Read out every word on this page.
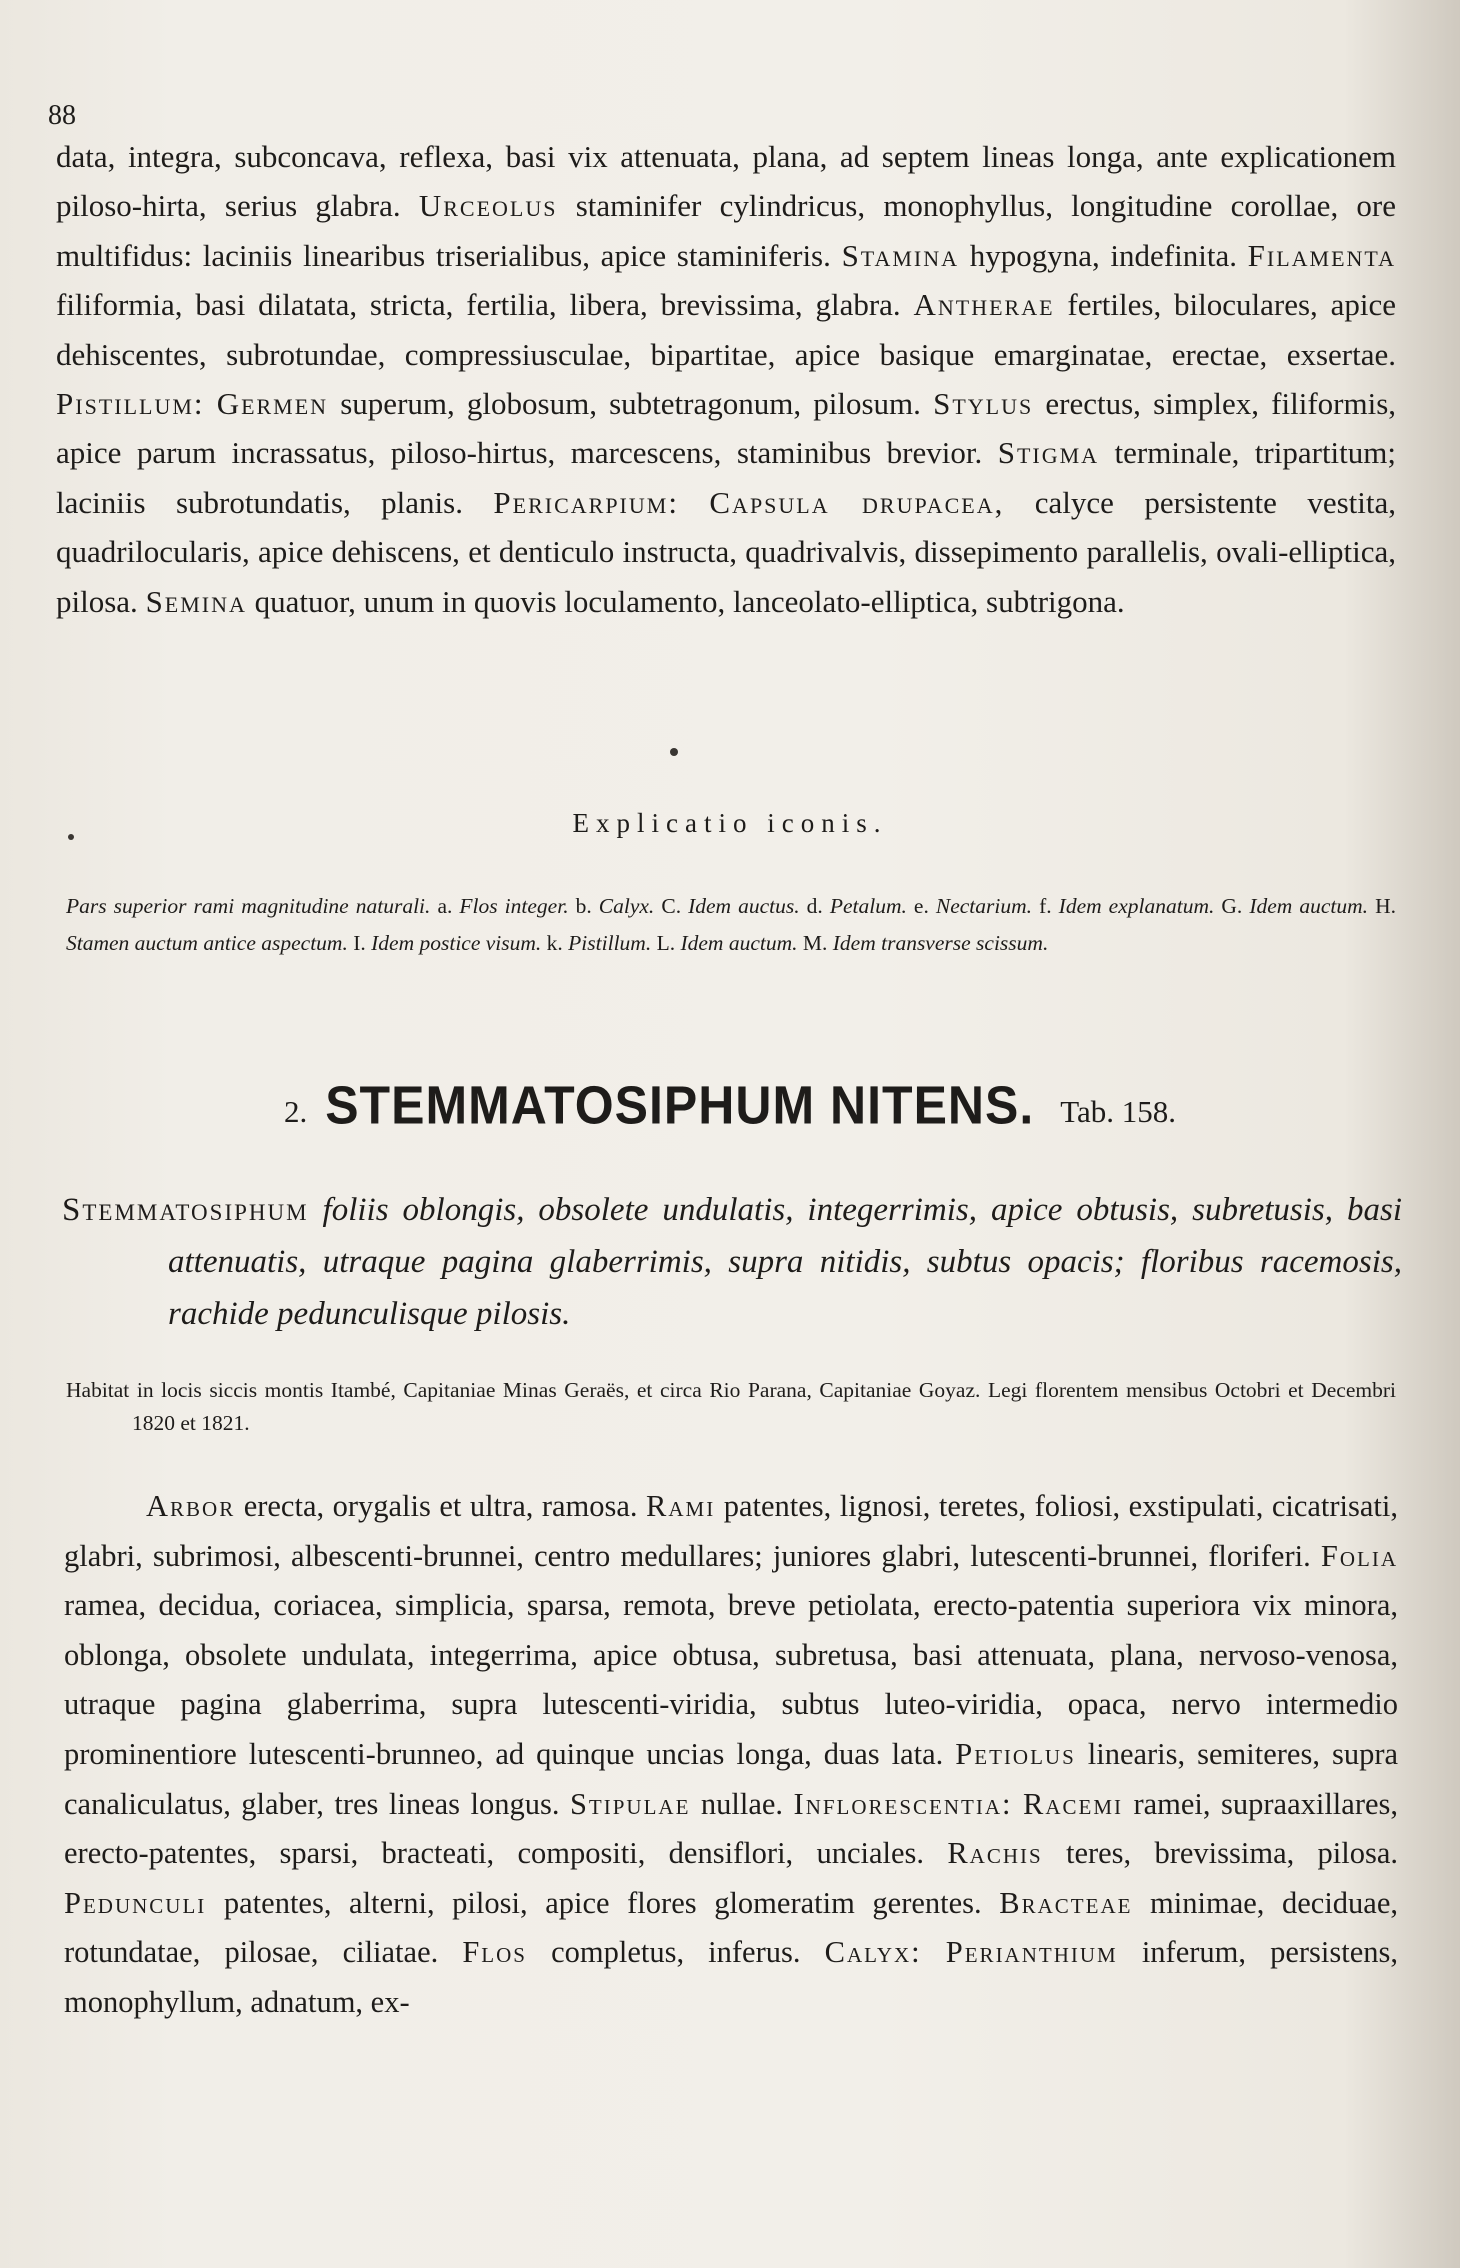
88
data, integra, subconcava, reflexa, basi vix attenuata, plana, ad septem lineas longa, ante explicationem piloso-hirta, serius glabra. Urceolus staminifer cylindricus, monophyllus, longitudine corollae, ore multifidus: laciniis linearibus triserialibus, apice staminiferis. Stamina hypogyna, indefinita. Filamenta filiformia, basi dilatata, stricta, fertilia, libera, brevissima, glabra. Antherae fertiles, biloculares, apice dehiscentes, subrotundae, compressiusculae, bipartitae, apice basique emarginatae, erectae, exsertae. Pistillum: Germen superum, globosum, subtetragonum, pilosum. Stylus erectus, simplex, filiformis, apice parum incrassatus, piloso-hirtus, marcescens, staminibus brevior. Stigma terminale, tripartitum; laciniis subrotundatis, planis. Pericarpium: Capsula drupacea, calyce persistente vestita, quadrilocularis, apice dehiscens, et denticulo instructa, quadrivalvis, dissepimento parallelis, ovali-elliptica, pilosa. Semina quatuor, unum in quovis loculamento, lanceolato-elliptica, subtrigona.
Explicatio iconis.
Pars superior rami magnitudine naturali. a. Flos integer. b. Calyx. C. Idem auctus. d. Petalum. e. Nectarium. f. Idem explanatum. G. Idem auctum. H. Stamen auctum antice aspectum. I. Idem postice visum. k. Pistillum. L. Idem auctum. M. Idem transverse scissum.
2. STEMMATOSIPHUM NITENS. Tab. 158.

Stemmatosiphum foliis oblongis, obsolete undulatis, integerrimis, apice obtusis, subretusis, basi attenuatis, utraque pagina glaberrimis, supra nitidis, subtus opacis; floribus racemosis, rachide pedunculisque pilosis.

Habitat in locis siccis montis Itambé, Capitaniae Minas Geraës, et circa Rio Parana, Capitaniae Goyaz. Legi florentem mensibus Octobri et Decembri 1820 et 1821.

Arbor erecta, orygalis et ultra, ramosa. Rami patentes, lignosi, teretes, foliosi, exstipulati, cicatrisati, glabri, subrimosi, albescenti-brunnei, centro medullares; juniores glabri, lutescenti-brunnei, floriferi. Folia ramea, decidua, coriacea, simplicia, sparsa, remota, breve petiolata, erecto-patentia superiora vix minora, oblonga, obsolete undulata, integerrima, apice obtusa, subretusa, basi attenuata, plana, nervoso-venosa, utraque pagina glaberrima, supra lutescenti-viridia, subtus luteo-viridia, opaca, nervo intermedio prominentiore lutescenti-brunneo, ad quinque uncias longa, duas lata. Petiolus linearis, semiteres, supra canaliculatus, glaber, tres lineas longus. Stipulae nullae. Inflorescentia: Racemi ramei, supraaxillares, erecto-patentes, sparsi, bracteati, compositi, densiflori, unciales. Rachis teres, brevissima, pilosa. Pedunculi patentes, alterni, pilosi, apice flores glomeratim gerentes. Bracteae minimae, deciduae, rotundatae, pilosae, ciliatae. Flos completus, inferus. Calyx: Perianthium inferum, persistens, monophyllum, adnatum, ex-
